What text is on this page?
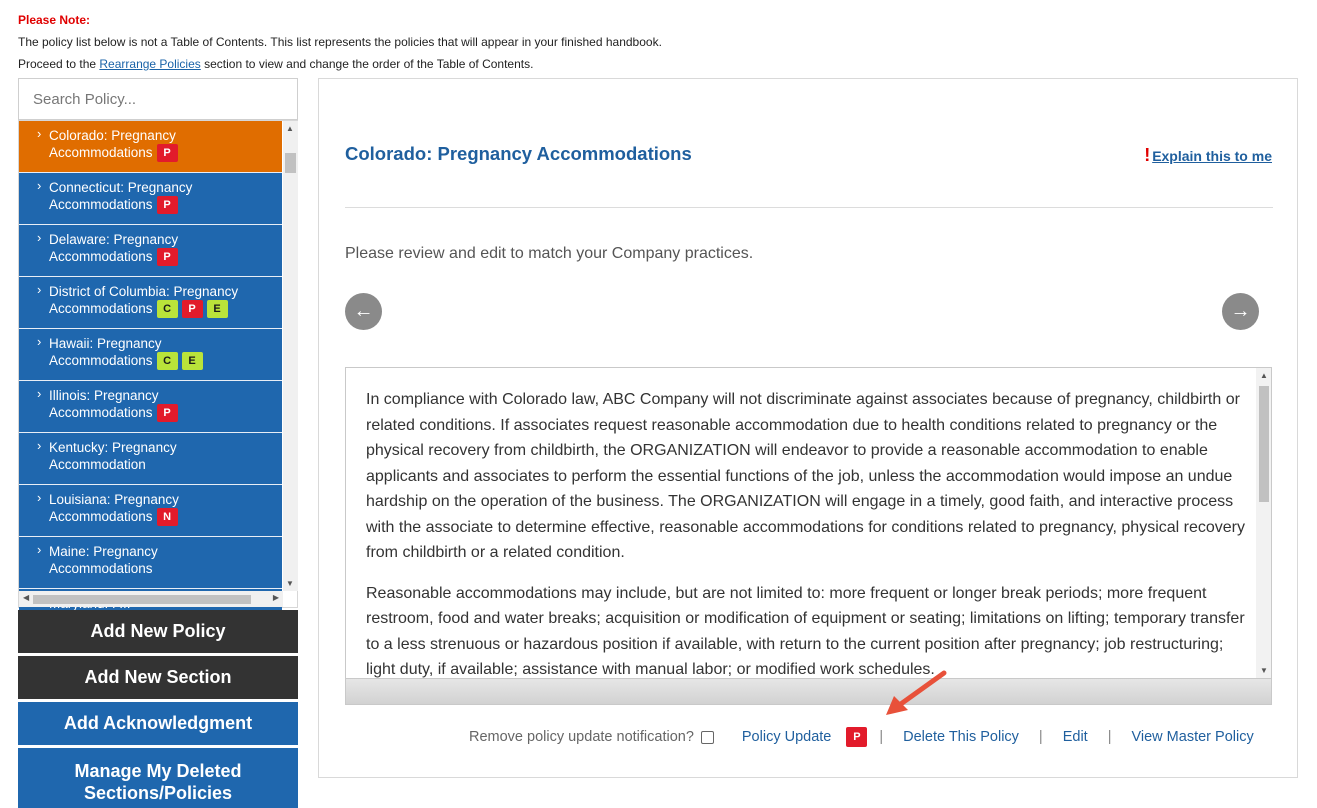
Please Note:
The policy list below is not a Table of Contents. This list represents the policies that will appear in your finished handbook.
Proceed to the Rearrange Policies section to view and change the order of the Table of Contents.
Search Policy...
› Colorado: Pregnancy
Accommodations P
› Connecticut: Pregnancy
Accommodations P
› Delaware: Pregnancy
Accommodations P
› District of Columbia: Pregnancy
Accommodations C P E
› Hawaii: Pregnancy
Accommodations C E
› Illinois: Pregnancy
Accommodations P
› Kentucky: Pregnancy
Accommodation
› Louisiana: Pregnancy
Accommodations N
› Maine: Pregnancy
Accommodations
▲
▼
◀	▶
Add New Policy
Add New Section
Add Acknowledgment
Manage My Deleted Sections/Policies
Colorado: Pregnancy Accommodations	! Explain this to me
Please review and edit to match your Company practices.
←	→

In compliance with Colorado law, ABC Company will not discriminate against associates because of pregnancy, childbirth or related conditions. If associates request reasonable accommodation due to health conditions related to pregnancy or the physical recovery from childbirth, the ORGANIZATION will endeavor to provide a reasonable accommodation to enable applicants and associates to perform the essential functions of the job, unless the accommodation would impose an undue hardship on the operation of the business. The ORGANIZATION will engage in a timely, good faith, and interactive process with the associate to determine effective, reasonable accommodations for conditions related to pregnancy, physical recovery from childbirth or a related condition.

Reasonable accommodations may include, but are not limited to: more frequent or longer break periods; more frequent restroom, food and water breaks; acquisition or modification of equipment or seating; limitations on lifting; temporary transfer to a less strenuous or hazardous position if available, with return to the current position after pregnancy; job restructuring; light duty, if available; assistance with manual labor; or modified work schedules.

▲
▼
Remove policy update notification?	Policy Update	P	| Delete This Policy | Edit | View Master Policy
